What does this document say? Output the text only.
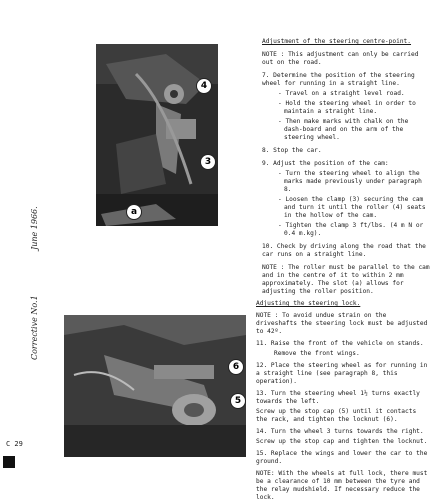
June 1966.
Corrective No.1
4
3
a
6
5

Adjustment of the steering centre-point.

NOTE : This adjustment can only be carried out on the road.

7. Determine the position of the steering wheel for running in a straight line.

- Travel on a straight level road.

- Hold the steering wheel in order to maintain a straight line.

- Then make marks with chalk on the dash-board and on the arm of the steering wheel.

8. Stop the car.

9. Adjust the position of the cam:

- Turn the steering wheel to align the marks made previously under paragraph 8.

- Loosen the clamp (3) securing the cam and turn it until the roller (4) seats in the hollow of the cam.

- Tighten the clamp 3 ft/lbs. (4 m N or 0.4 m.kg).

10. Check by driving along the road that the car runs on a straight line.

NOTE : The roller must be parallel to the cam and in the centre of it to within 2 mm approximately. The slot (a) allows for adjusting the roller position.

Adjusting the steering lock.

NOTE : To avoid undue strain on the driveshafts the steering lock must be adjusted to 42º.

11. Raise the front of the vehicle on stands.

Remove the front wings.

12. Place the steering wheel as for running in a straight line (see paragraph 8, this operation).

13. Turn the steering wheel 1½ turns exactly towards the left.

Screw up the stop cap (5) until it contacts the rack, and tighten the locknut (6).

14. Turn the wheel 3 turns towards the right.

Screw up the stop cap and tighten the locknut.

15. Replace the wings and lower the car to the ground.

NOTE: With the wheels at full lock, there must be a clearance of 10 mm between the tyre and the relay mudshield. If necessary reduce the lock.

C 29
